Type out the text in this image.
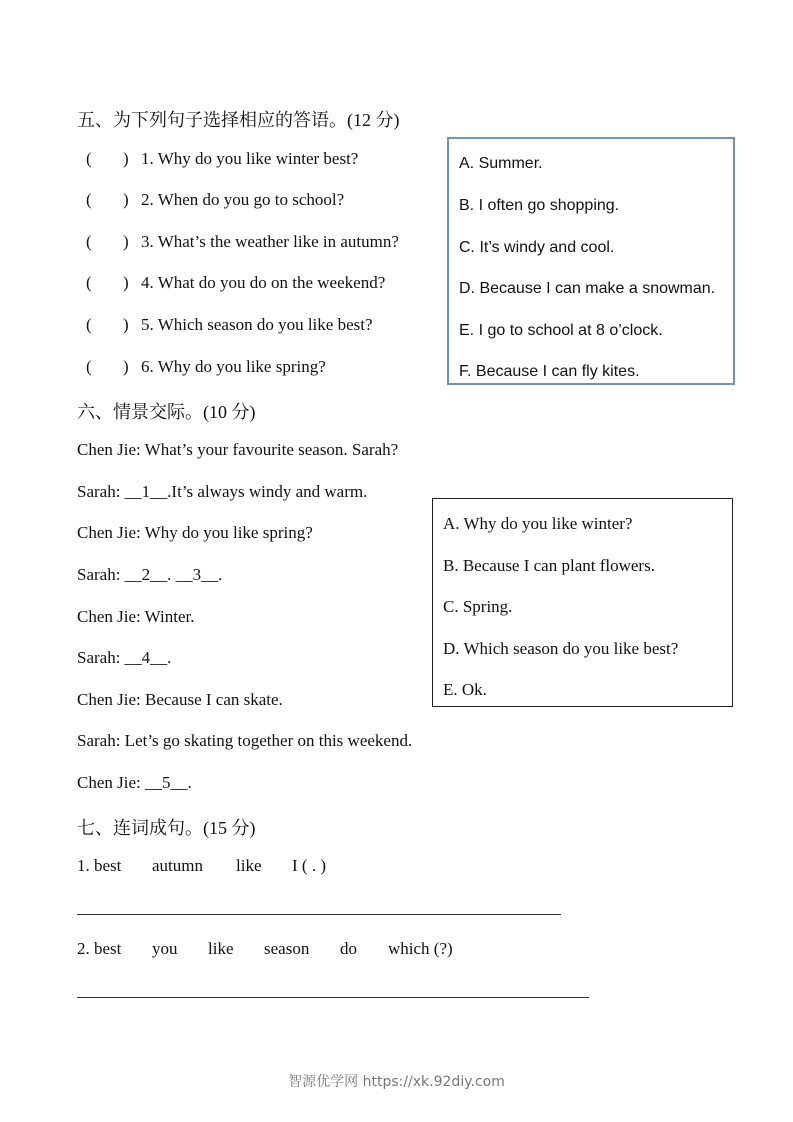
五、为下列句子选择相应的答语。(12 分)
( ) 1. Why do you like winter best?
( ) 2. When do you go to school?
( ) 3. What’s the weather like in autumn?
( ) 4. What do you do on the weekend?
( ) 5. Which season do you like best?
( ) 6. Why do you like spring?
A. Summer.
B. I often go shopping.
C. It’s windy and cool.
D. Because I can make a snowman.
E. I go to school at 8 o’clock.
F. Because I can fly kites.
六、情景交际。(10 分)
Chen Jie: What’s your favourite season. Sarah?
Sarah: __1__.It’s always windy and warm.
Chen Jie: Why do you like spring?
Sarah: __2__. __3__.
Chen Jie: Winter.
Sarah: __4__.
Chen Jie: Because I can skate.
Sarah: Let’s go skating together on this weekend.
Chen Jie: __5__.
A. Why do you like winter?
B. Because I can plant flowers.
C. Spring.
D. Which season do you like best?
E. Ok.
七、连词成句。(15 分)
1. best autumn like I ( . )
2. best you like season do which (?)
智源优学网 https://xk.92diy.com
